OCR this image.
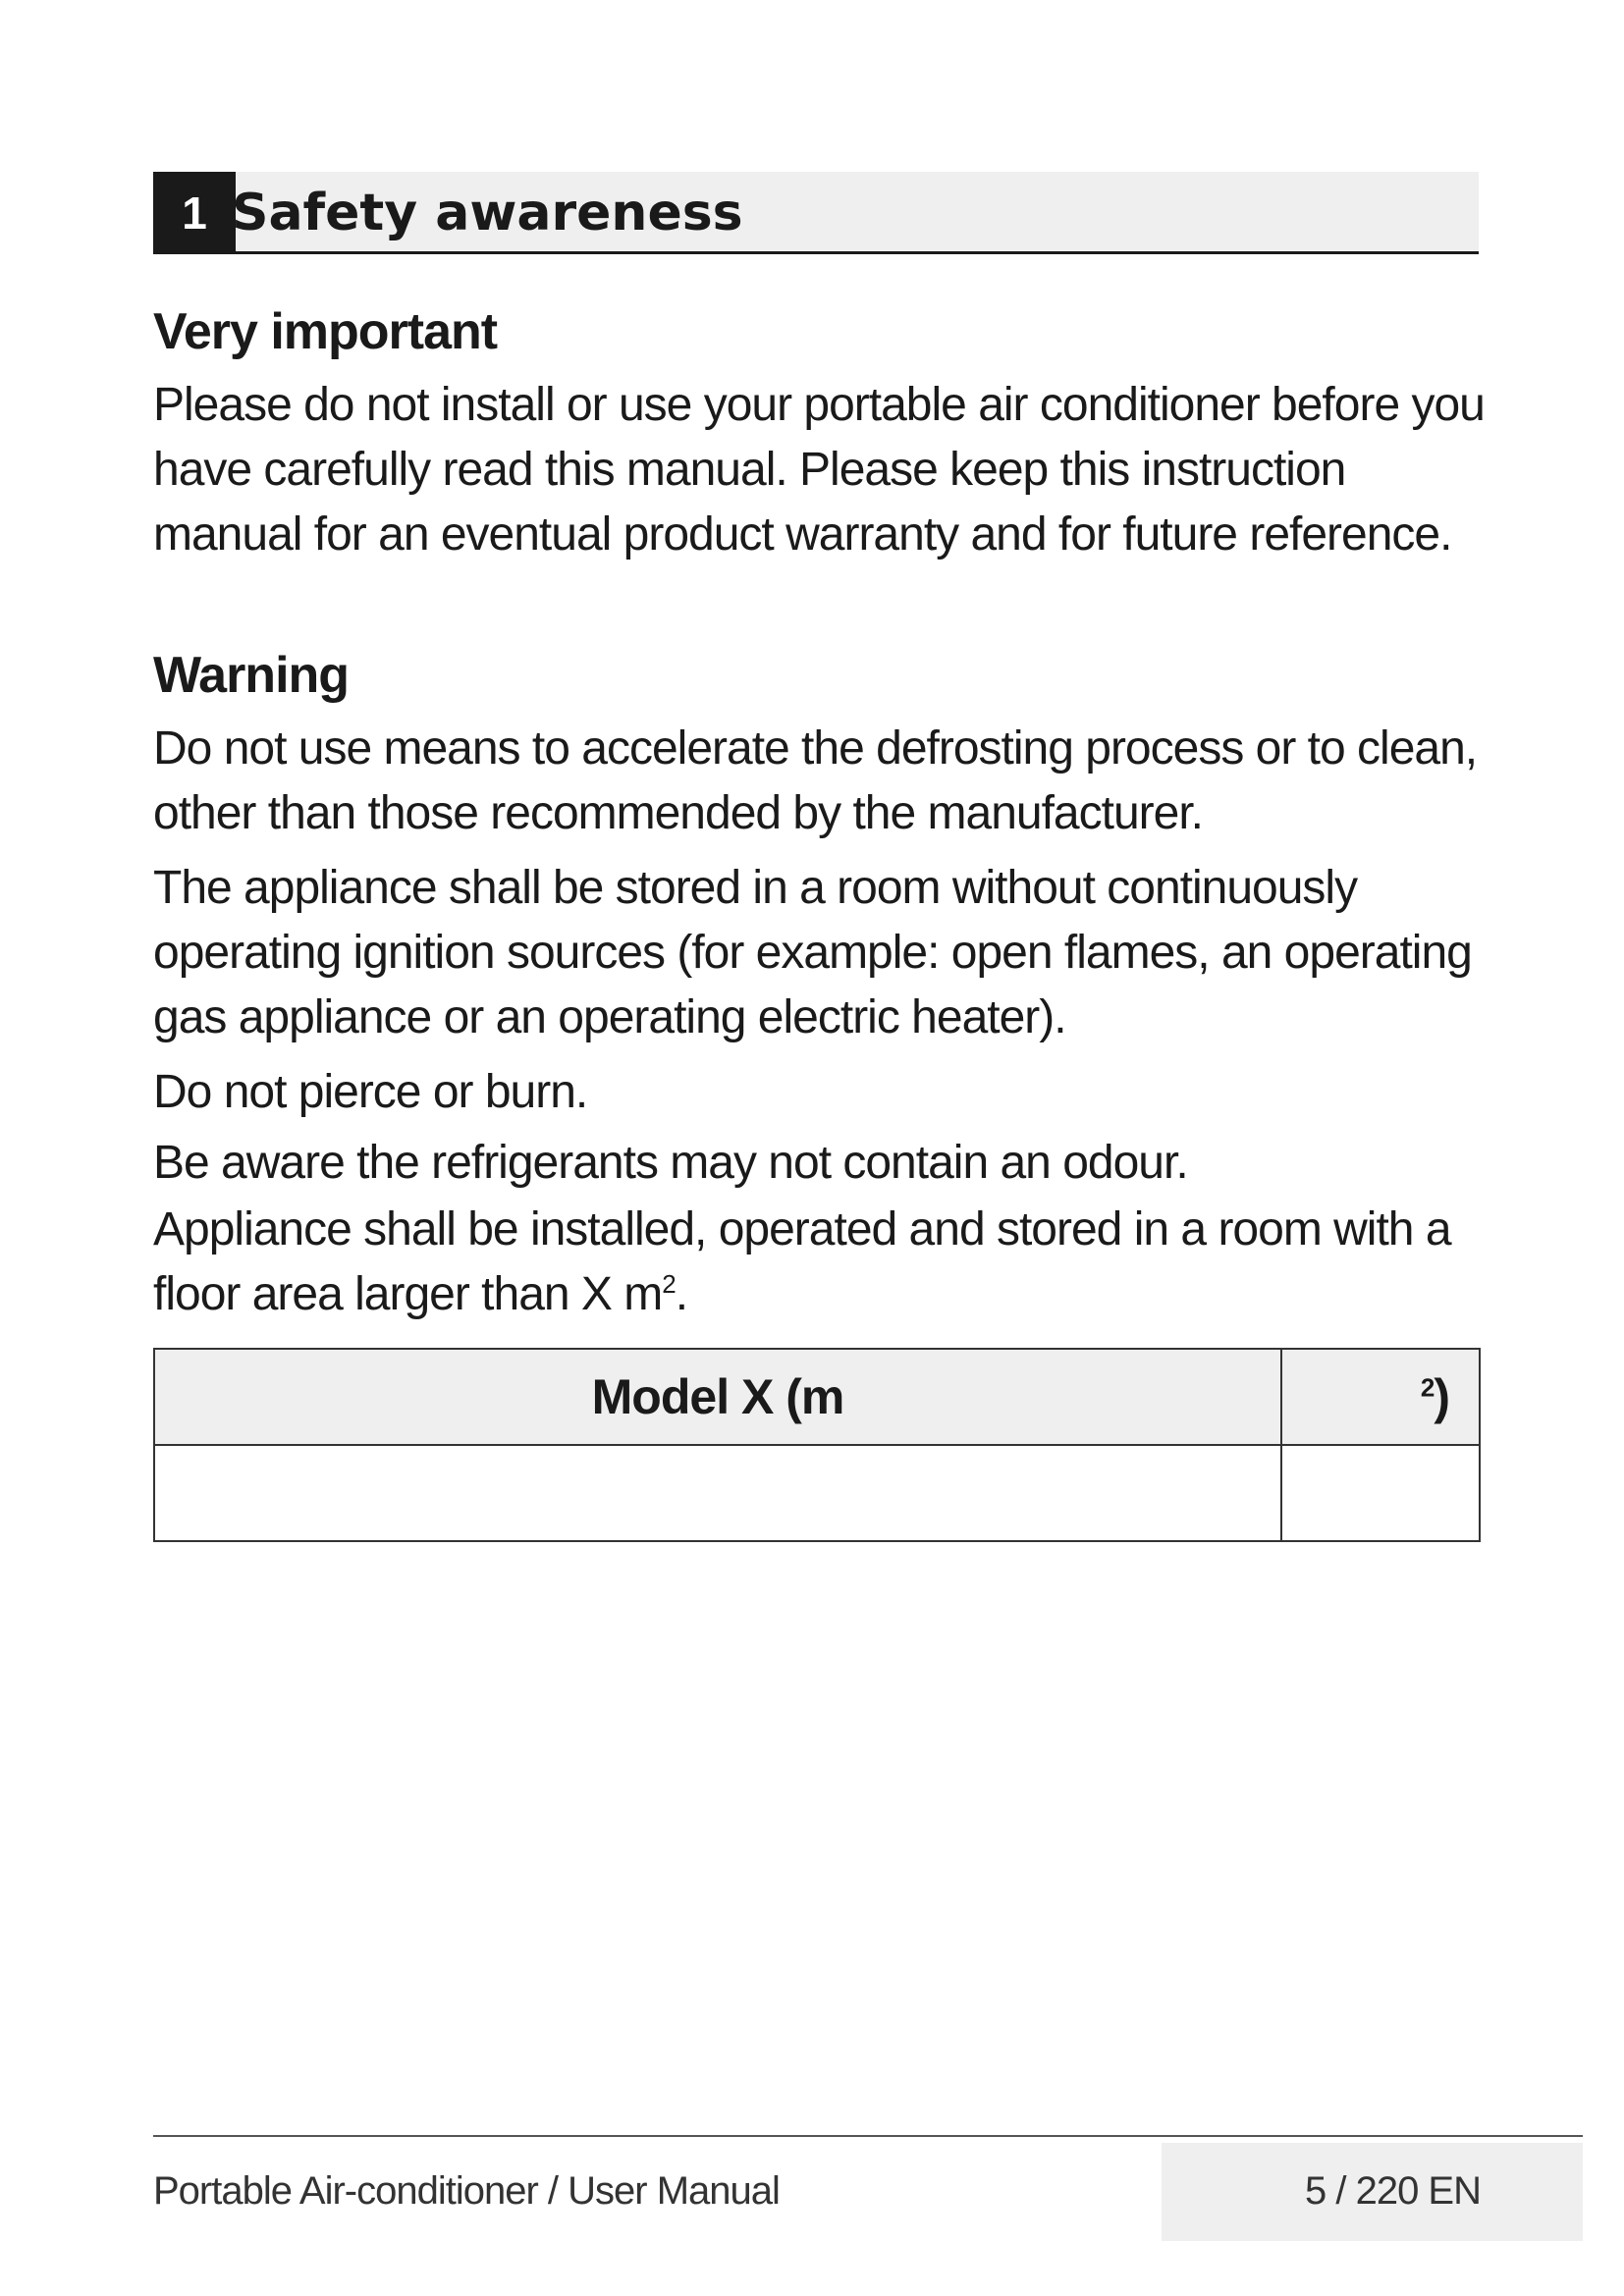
1 Safety awareness
Very important

Please do not install or use your portable air conditioner before you have carefully read this manual. Please keep this instruction manual for an eventual product warranty and for future reference.

Warning

Do not use means to accelerate the defrosting process or to clean, other than those recommended by the manufacturer.

The appliance shall be stored in a room without continuously operating ignition sources (for example: open flames, an operating gas appliance or an operating electric heater).

Do not pierce or burn.

Be aware the refrigerants may not contain an odour.

Appliance shall be installed, operated and stored in a room with a floor area larger than X $m^2$.

Model X (m	$^2$)

Portable Air-conditioner / User Manual	5 / 220 EN
